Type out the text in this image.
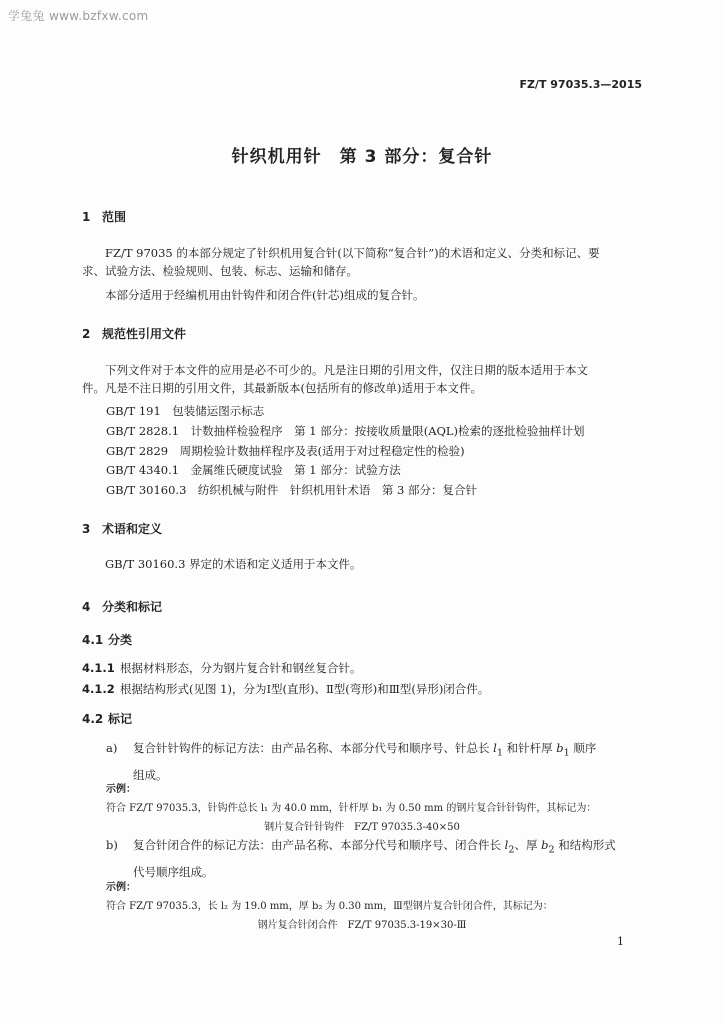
学兔兔 www.bzfxw.com
FZ/T 97035.3—2015
针织机用针　第 3 部分：复合针
1 范围
FZ/T 97035 的本部分规定了针织机用复合针(以下简称“复合针”)的术语和定义、分类和标记、要
求、试验方法、检验规则、包装、标志、运输和储存。
本部分适用于经编机用由针钩件和闭合件(针芯)组成的复合针。
2 规范性引用文件
下列文件对于本文件的应用是必不可少的。凡是注日期的引用文件，仅注日期的版本适用于本文
件。凡是不注日期的引用文件，其最新版本(包括所有的修改单)适用于本文件。
GB/T 191　包装储运图示标志
GB/T 2828.1　计数抽样检验程序　第 1 部分：按接收质量限(AQL)检索的逐批检验抽样计划
GB/T 2829　周期检验计数抽样程序及表(适用于对过程稳定性的检验)
GB/T 4340.1　金属维氏硬度试验　第 1 部分：试验方法
GB/T 30160.3　纺织机械与附件　针织机用针术语　第 3 部分：复合针
3 术语和定义
GB/T 30160.3 界定的术语和定义适用于本文件。
4 分类和标记
4.1 分类
4.1.1 根据材料形态，分为钢片复合针和钢丝复合针。
4.1.2 根据结构形式(见图 1)，分为Ⅰ型(直形)、Ⅱ型(弯形)和Ⅲ型(异形)闭合件。
4.2 标记
a) 复合针针钩件的标记方法：由产品名称、本部分代号和顺序号、针总长 $l_1$ 和针杆厚 $b_1$ 顺序
组成。
示例：
符合 FZ/T 97035.3，针钩件总长 l₁ 为 40.0 mm，针杆厚 b₁ 为 0.50 mm 的钢片复合针针钩件，其标记为：
钢片复合针针钩件　FZ/T 97035.3-40×50
b) 复合针闭合件的标记方法：由产品名称、本部分代号和顺序号、闭合件长 $l_2$、厚 $b_2$ 和结构形式
代号顺序组成。
示例：
符合 FZ/T 97035.3，长 l₂ 为 19.0 mm，厚 b₂ 为 0.30 mm，Ⅲ型钢片复合针闭合件，其标记为：
钢片复合针闭合件　FZ/T 97035.3-19×30-Ⅲ
1
